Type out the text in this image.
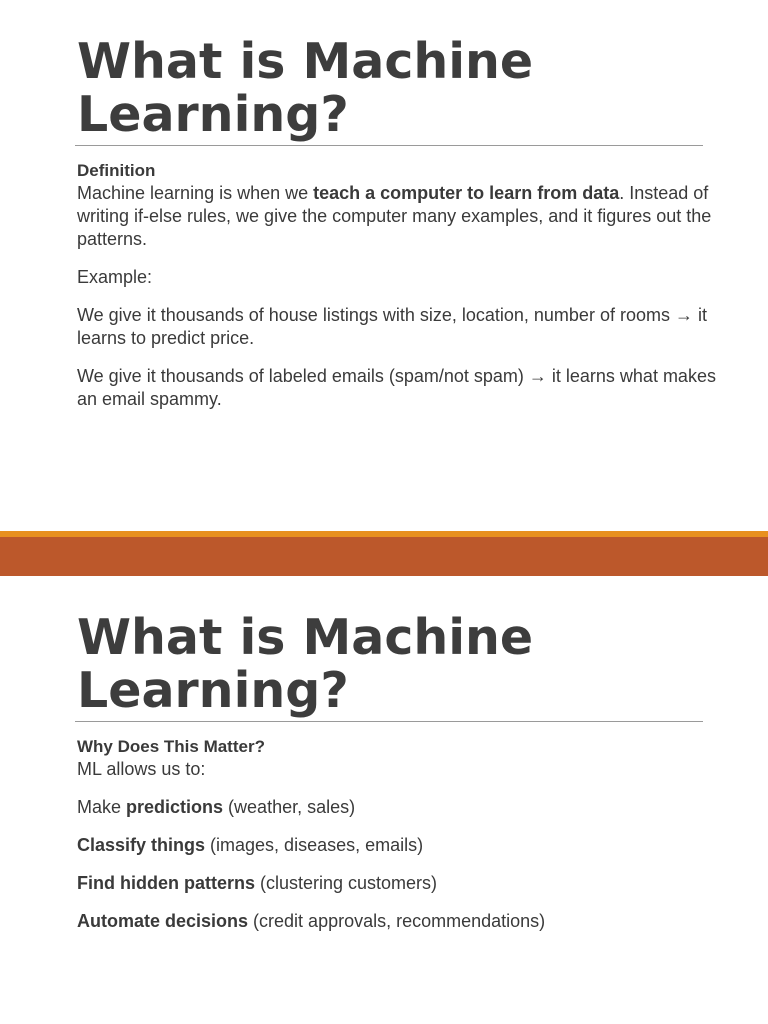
What is Machine Learning?

Definition

Machine learning is when we teach a computer to learn from data. Instead of writing if-else rules, we give the computer many examples, and it figures out the patterns.

Example:

We give it thousands of house listings with size, location, number of rooms → it learns to predict price.

We give it thousands of labeled emails (spam/not spam) → it learns what makes an email spammy.

What is Machine Learning?

Why Does This Matter?

ML allows us to:

Make predictions (weather, sales)

Classify things (images, diseases, emails)

Find hidden patterns (clustering customers)

Automate decisions (credit approvals, recommendations)
